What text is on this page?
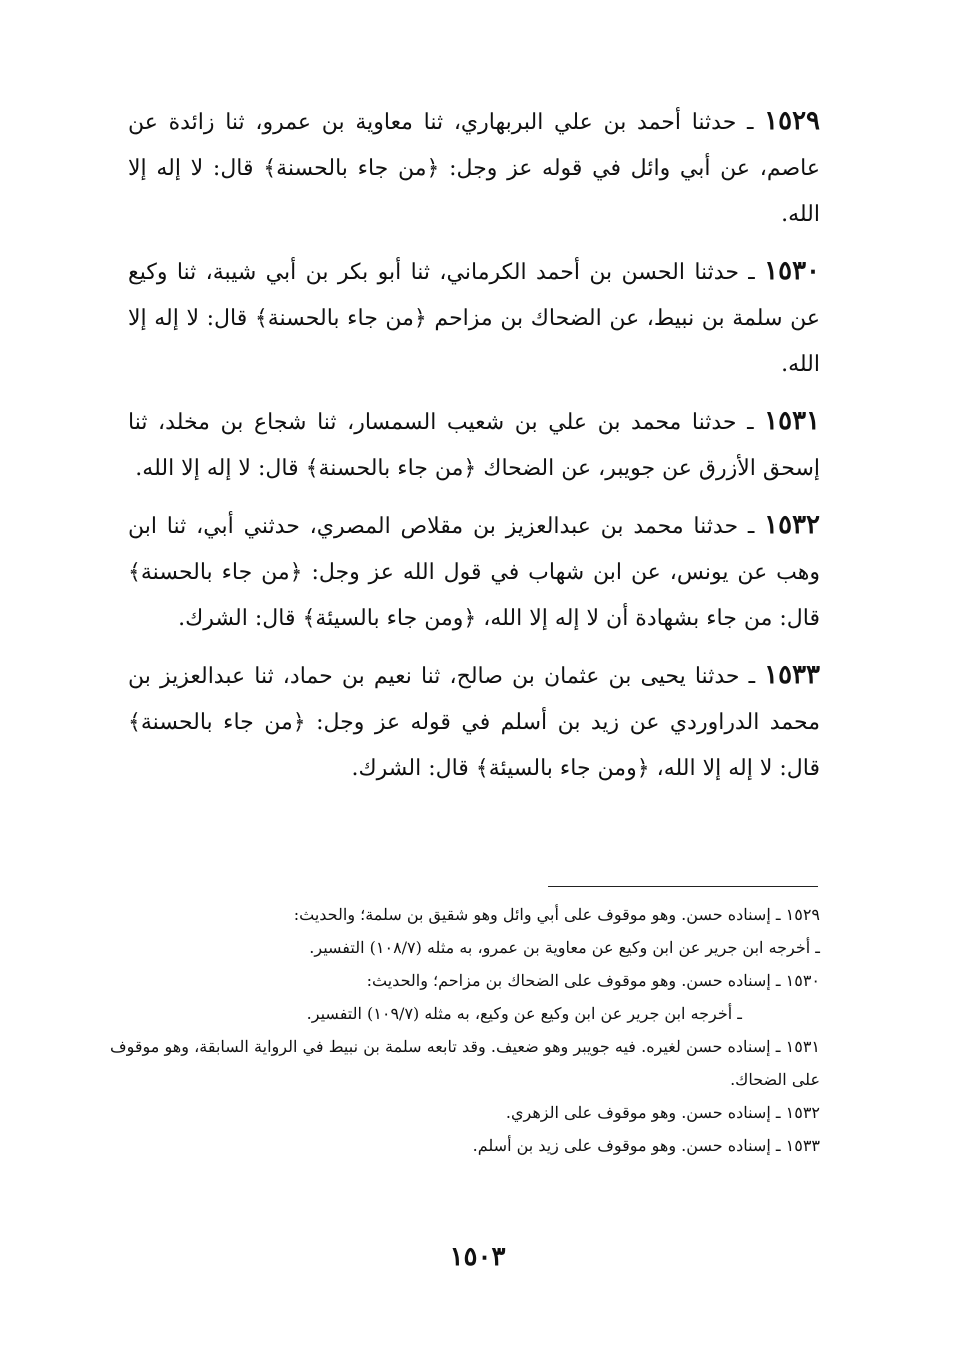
١٥٢٩ ـ حدثنا أحمد بن علي البربهاري، ثنا معاوية بن عمرو، ثنا زائدة عن عاصم، عن أبي وائل في قوله عز وجل: ﴿من جاء بالحسنة﴾ قال: لا إله إلا الله.

١٥٣٠ ـ حدثنا الحسن بن أحمد الكرماني، ثنا أبو بكر بن أبي شيبة، ثنا وكيع عن سلمة بن نبيط، عن الضحاك بن مزاحم ﴿من جاء بالحسنة﴾ قال: لا إله إلا الله.

١٥٣١ ـ حدثنا محمد بن علي بن شعيب السمسار، ثنا شجاع بن مخلد، ثنا إسحق الأزرق عن جويبر، عن الضحاك ﴿من جاء بالحسنة﴾ قال: لا إله إلا الله.

١٥٣٢ ـ حدثنا محمد بن عبدالعزيز بن مقلاص المصري، حدثني أبي، ثنا ابن وهب عن يونس، عن ابن شهاب في قول الله عز وجل: ﴿من جاء بالحسنة﴾ قال: من جاء بشهادة أن لا إله إلا الله، ﴿ومن جاء بالسيئة﴾ قال: الشرك.

١٥٣٣ ـ حدثنا يحيى بن عثمان بن صالح، ثنا نعيم بن حماد، ثنا عبدالعزيز بن محمد الدراوردي عن زيد بن أسلم في قوله عز وجل: ﴿من جاء بالحسنة﴾ قال: لا إله إلا الله، ﴿ومن جاء بالسيئة﴾ قال: الشرك.

١٥٢٩ ـ إسناده حسن. وهو موقوف على أبي وائل وهو شقيق بن سلمة؛ والحديث:

ـ أخرجه ابن جرير عن ابن وكيع عن معاوية بن عمرو، به مثله (١٠٨/٧) التفسير.

١٥٣٠ ـ إسناده حسن. وهو موقوف على الضحاك بن مزاحم؛ والحديث:

ـ أخرجه ابن جرير عن ابن وكيع عن وكيع، به مثله (١٠٩/٧) التفسير.

١٥٣١ ـ إسناده حسن لغيره. فيه جويبر وهو ضعيف. وقد تابعه سلمة بن نبيط في الرواية السابقة، وهو موقوف على الضحاك.

١٥٣٢ ـ إسناده حسن. وهو موقوف على الزهري.

١٥٣٣ ـ إسناده حسن. وهو موقوف على زيد بن أسلم.

١٥٠٣
